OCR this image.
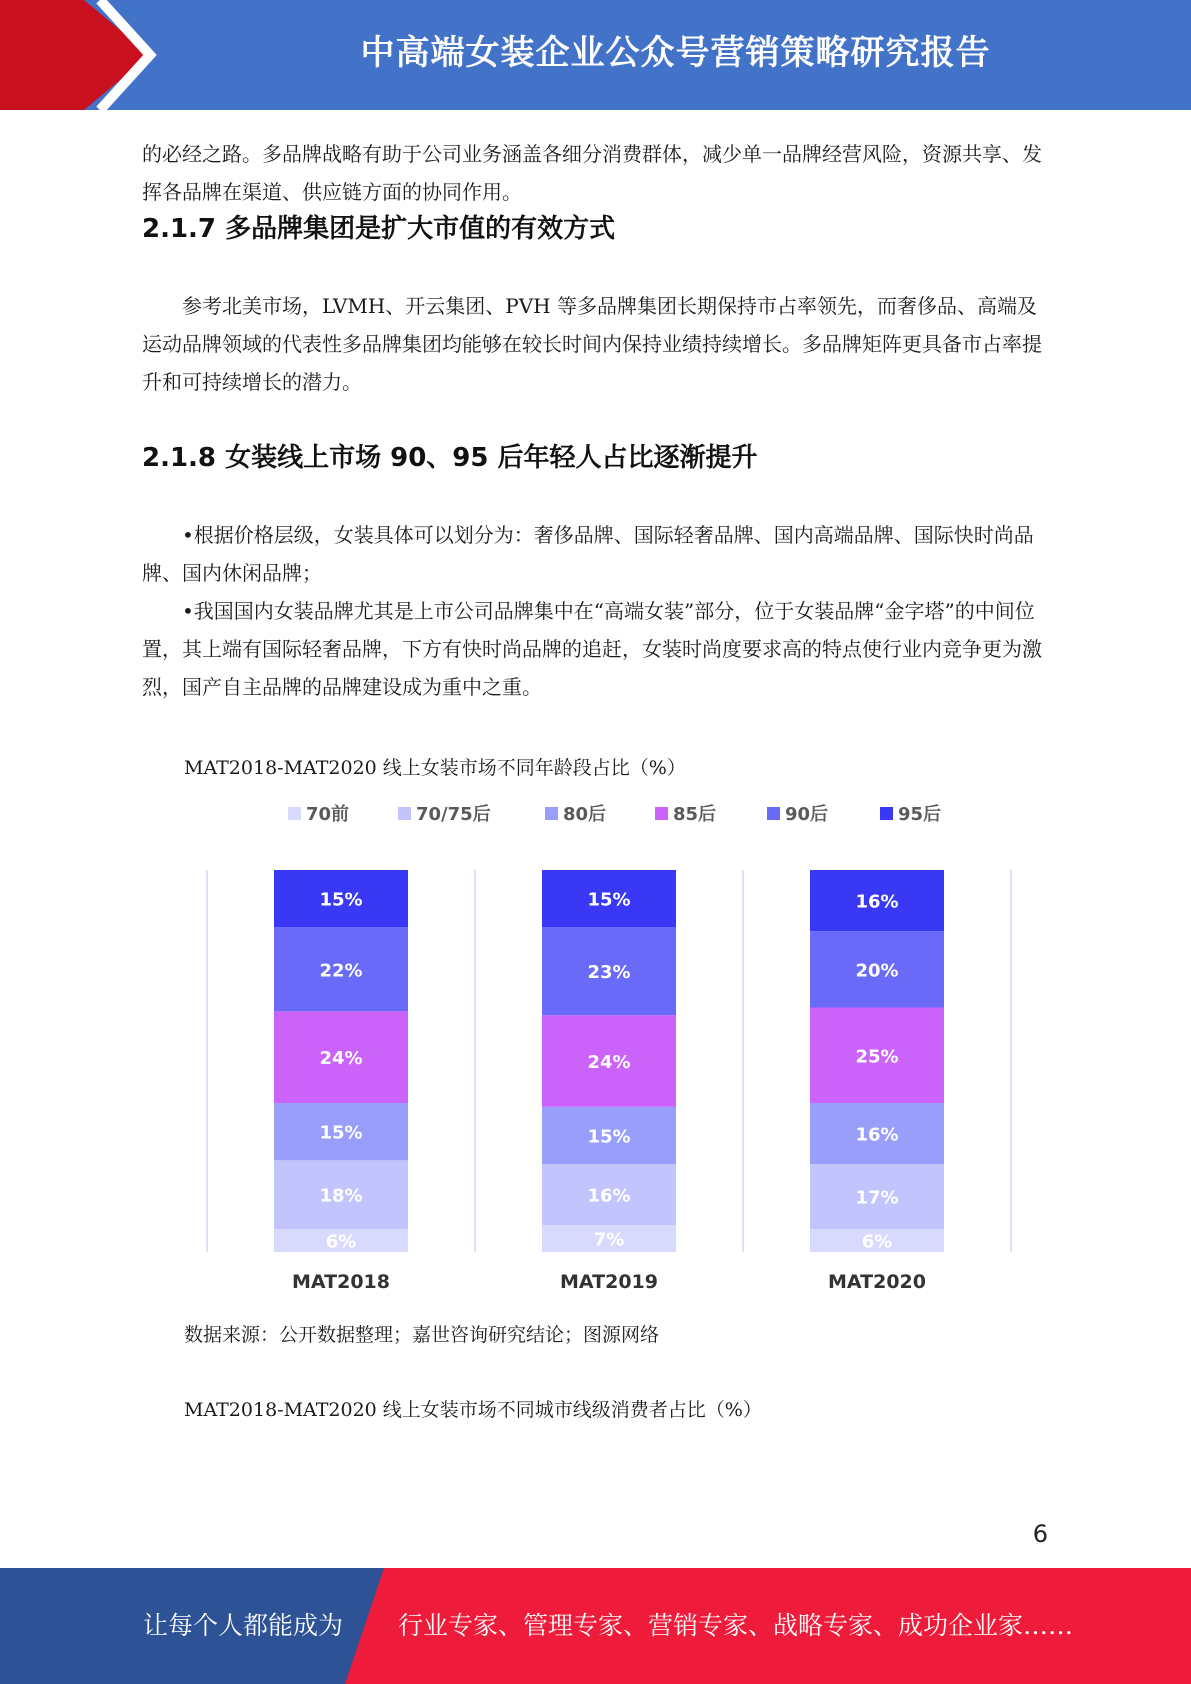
中高端女装企业公众号营销策略研究报告

的必经之路。多品牌战略有助于公司业务涵盖各细分消费群体，减少单一品牌经营风险，资源共享、发挥各品牌在渠道、供应链方面的协同作用。

2.1.7 多品牌集团是扩大市值的有效方式

参考北美市场，LVMH、开云集团、PVH 等多品牌集团长期保持市占率领先，而奢侈品、高端及运动品牌领域的代表性多品牌集团均能够在较长时间内保持业绩持续增长。多品牌矩阵更具备市占率提升和可持续增长的潜力。

2.1.8 女装线上市场 90、95 后年轻人占比逐渐提升

•根据价格层级，女装具体可以划分为：奢侈品牌、国际轻奢品牌、国内高端品牌、国际快时尚品牌、国内休闲品牌；

•我国国内女装品牌尤其是上市公司品牌集中在“高端女装”部分，位于女装品牌“金字塔”的中间位置，其上端有国际轻奢品牌，下方有快时尚品牌的追赶，女装时尚度要求高的特点使行业内竞争更为激烈，国产自主品牌的品牌建设成为重中之重。

MAT2018-MAT2020 线上女装市场不同年龄段占比（%）

70前	70/75后	80后	85后	90后	95后
6%
18%
15%
24%
22%
15%
MAT2018
7%
16%
15%
24%
23%
15%
MAT2019
6%
17%
16%
25%
20%
16%
MAT2020

数据来源：公开数据整理；嘉世咨询研究结论；图源网络

MAT2018-MAT2020 线上女装市场不同城市线级消费者占比（%）

6
让每个人都能成为 行业专家、管理专家、营销专家、战略专家、成功企业家……
